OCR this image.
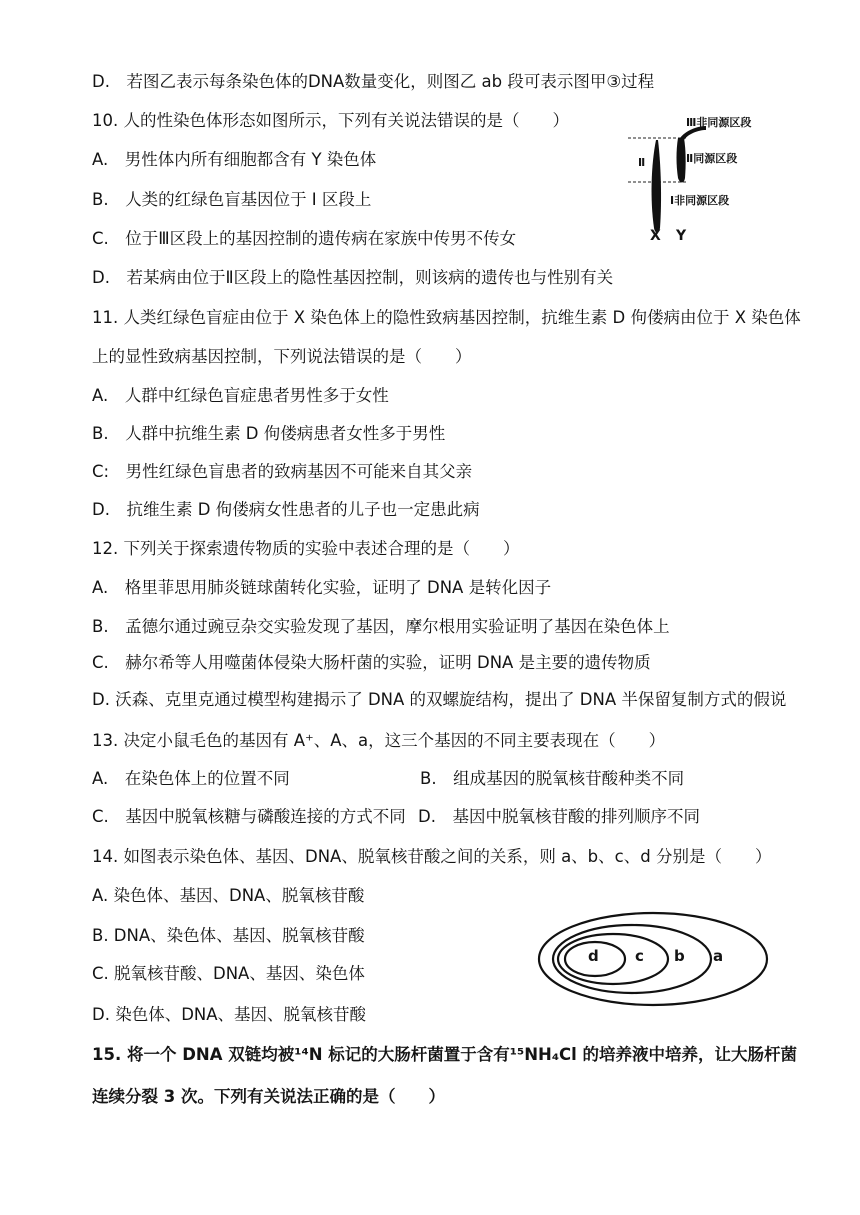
D.　若图乙表示每条染色体的DNA数量变化，则图乙 ab 段可表示图甲③过程
10. 人的性染色体形态如图所示，下列有关说法错误的是（　　）
A.　男性体内所有细胞都含有 Y 染色体
B.　人类的红绿色盲基因位于 I 区段上
C.　位于Ⅲ区段上的基因控制的遗传病在家族中传男不传女
D.　若某病由位于Ⅱ区段上的隐性基因控制，则该病的遗传也与性别有关
11. 人类红绿色盲症由位于 X 染色体上的隐性致病基因控制，抗维生素 D 佝偻病由位于 X 染色体
上的显性致病基因控制，下列说法错误的是（　　）
A.　人群中红绿色盲症患者男性多于女性
B.　人群中抗维生素 D 佝偻病患者女性多于男性
C:　男性红绿色盲患者的致病基因不可能来自其父亲
D.　抗维生素 D 佝偻病女性患者的儿子也一定患此病
12. 下列关于探索遗传物质的实验中表述合理的是（　　）
A.　格里菲思用肺炎链球菌转化实验，证明了 DNA 是转化因子
B.　孟德尔通过豌豆杂交实验发现了基因，摩尔根用实验证明了基因在染色体上
C.　赫尔希等人用噬菌体侵染大肠杆菌的实验，证明 DNA 是主要的遗传物质
D. 沃森、克里克通过模型构建揭示了 DNA 的双螺旋结构，提出了 DNA 半保留复制方式的假说
13. 决定小鼠毛色的基因有 A⁺、A、a，这三个基因的不同主要表现在（　　）
A.　在染色体上的位置不同	B.　组成基因的脱氧核苷酸种类不同
C.　基因中脱氧核糖与磷酸连接的方式不同 D.　基因中脱氧核苷酸的排列顺序不同
14. 如图表示染色体、基因、DNA、脱氧核苷酸之间的关系，则 a、b、c、d 分别是（　　）
A. 染色体、基因、DNA、脱氧核苷酸
B. DNA、染色体、基因、脱氧核苷酸
C. 脱氧核苷酸、DNA、基因、染色体
D. 染色体、DNA、基因、脱氧核苷酸
15. 将一个 DNA 双链均被¹⁴N 标记的大肠杆菌置于含有¹⁵NH₄Cl 的培养液中培养，让大肠杆菌
连续分裂 3 次。下列有关说法正确的是（　　）
Ⅲ非同源区段
Ⅱ同源区段
Ⅱ
Ⅰ非同源区段
X Y
d c b a
